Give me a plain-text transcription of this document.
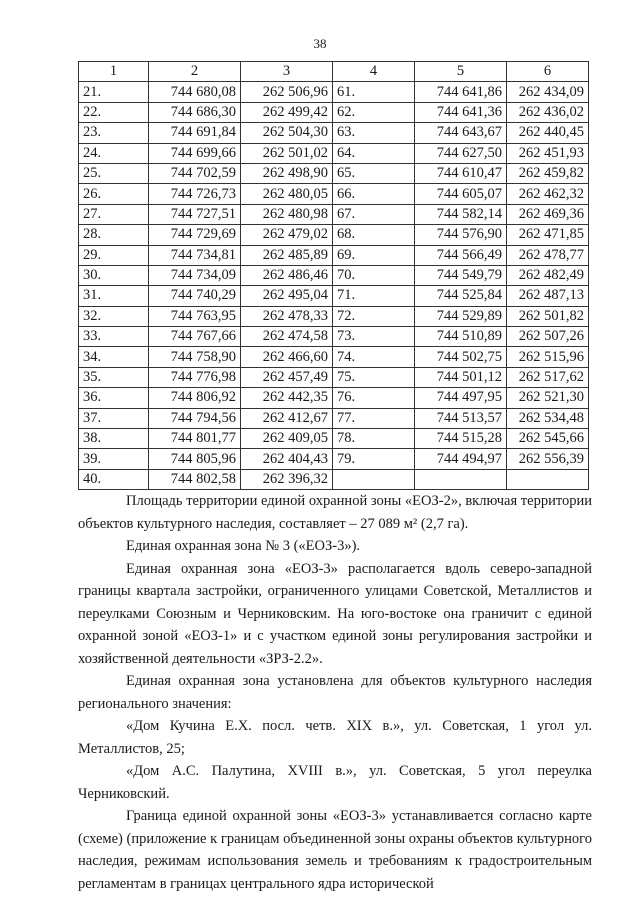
38
1	2	3	4	5	6
21.	744 680,08	262 506,96	61.	744 641,86	262 434,09
22.	744 686,30	262 499,42	62.	744 641,36	262 436,02
23.	744 691,84	262 504,30	63.	744 643,67	262 440,45
24.	744 699,66	262 501,02	64.	744 627,50	262 451,93
25.	744 702,59	262 498,90	65.	744 610,47	262 459,82
26.	744 726,73	262 480,05	66.	744 605,07	262 462,32
27.	744 727,51	262 480,98	67.	744 582,14	262 469,36
28.	744 729,69	262 479,02	68.	744 576,90	262 471,85
29.	744 734,81	262 485,89	69.	744 566,49	262 478,77
30.	744 734,09	262 486,46	70.	744 549,79	262 482,49
31.	744 740,29	262 495,04	71.	744 525,84	262 487,13
32.	744 763,95	262 478,33	72.	744 529,89	262 501,82
33.	744 767,66	262 474,58	73.	744 510,89	262 507,26
34.	744 758,90	262 466,60	74.	744 502,75	262 515,96
35.	744 776,98	262 457,49	75.	744 501,12	262 517,62
36.	744 806,92	262 442,35	76.	744 497,95	262 521,30
37.	744 794,56	262 412,67	77.	744 513,57	262 534,48
38.	744 801,77	262 409,05	78.	744 515,28	262 545,66
39.	744 805,96	262 404,43	79.	744 494,97	262 556,39
40.	744 802,58	262 396,32			

Площадь территории единой охранной зоны «ЕОЗ-2», включая территории объектов культурного наследия, составляет – 27 089 м² (2,7 га).

Единая охранная зона № 3 («ЕОЗ-3»).

Единая охранная зона «ЕОЗ-3» располагается вдоль северо-западной границы квартала застройки, ограниченного улицами Советской, Металлистов и переулками Союзным и Черниковским. На юго-востоке она граничит с единой охранной зоной «ЕОЗ-1» и с участком единой зоны регулирования застройки и хозяйственной деятельности «ЗРЗ-2.2».

Единая охранная зона установлена для объектов культурного наследия регионального значения:

«Дом Кучина Е.Х. посл. четв. XIX в.», ул. Советская, 1 угол ул. Металлистов, 25;

«Дом А.С. Палутина, XVIII в.», ул. Советская, 5 угол переулка Черниковский.

Граница единой охранной зоны «ЕОЗ-3» устанавливается согласно карте (схеме) (приложение к границам объединенной зоны охраны объектов культурного наследия, режимам использования земель и требованиям к градостроительным регламентам в границах центрального ядра исторической
